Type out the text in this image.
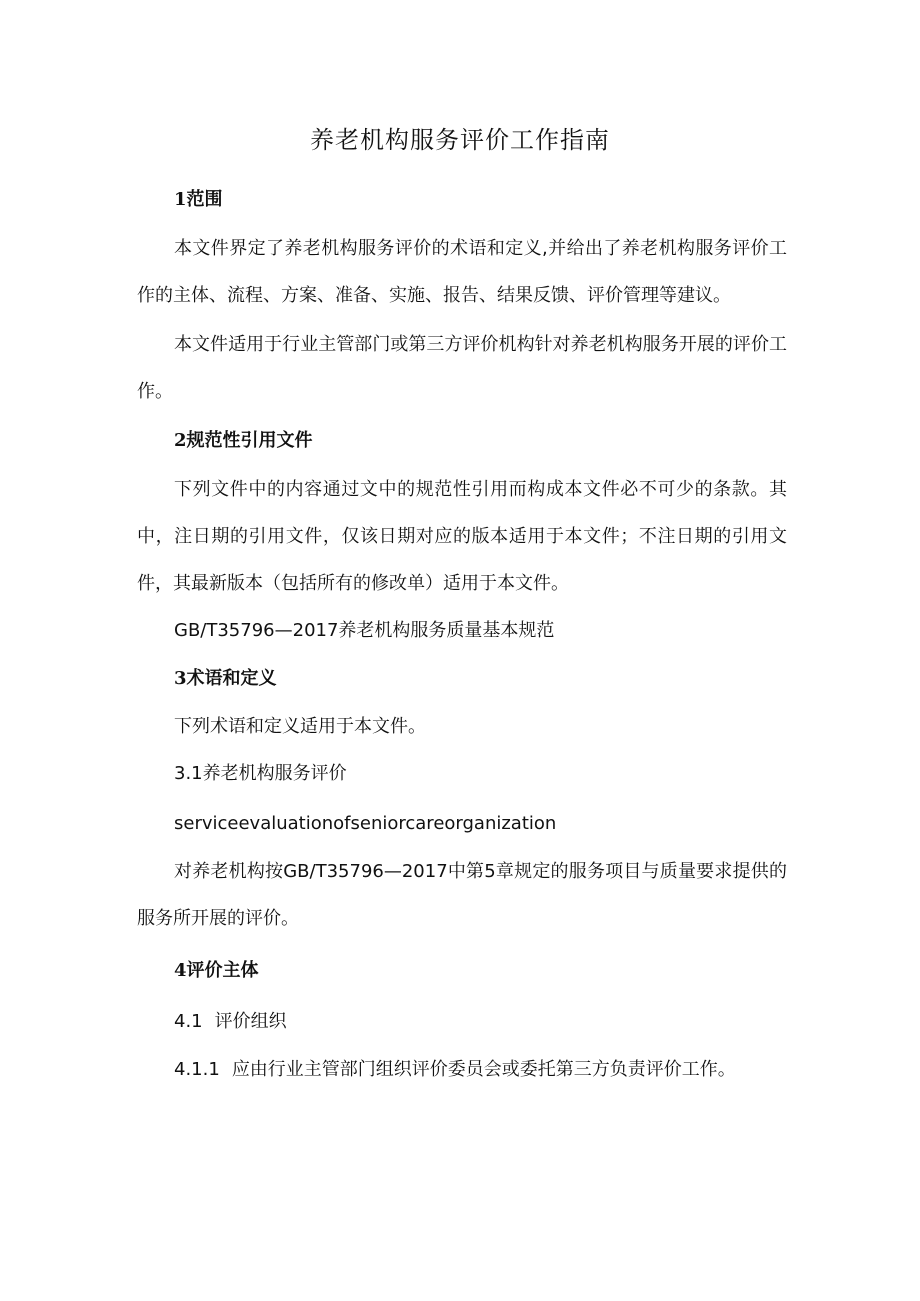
养老机构服务评价工作指南

1范围

本文件界定了养老机构服务评价的术语和定义,并给出了养老机构服务评价工作的主体、流程、方案、准备、实施、报告、结果反馈、评价管理等建议。

本文件适用于行业主管部门或第三方评价机构针对养老机构服务开展的评价工作。

2规范性引用文件

下列文件中的内容通过文中的规范性引用而构成本文件必不可少的条款。其中，注日期的引用文件，仅该日期对应的版本适用于本文件；不注日期的引用文件，其最新版本（包括所有的修改单）适用于本文件。

GB/T35796—2017养老机构服务质量基本规范

3术语和定义

下列术语和定义适用于本文件。

3.1养老机构服务评价

serviceevaluationofseniorcareorganization

对养老机构按GB/T35796—2017中第5章规定的服务项目与质量要求提供的服务所开展的评价。

4评价主体

4.1 评价组织

4.1.1 应由行业主管部门组织评价委员会或委托第三方负责评价工作。
